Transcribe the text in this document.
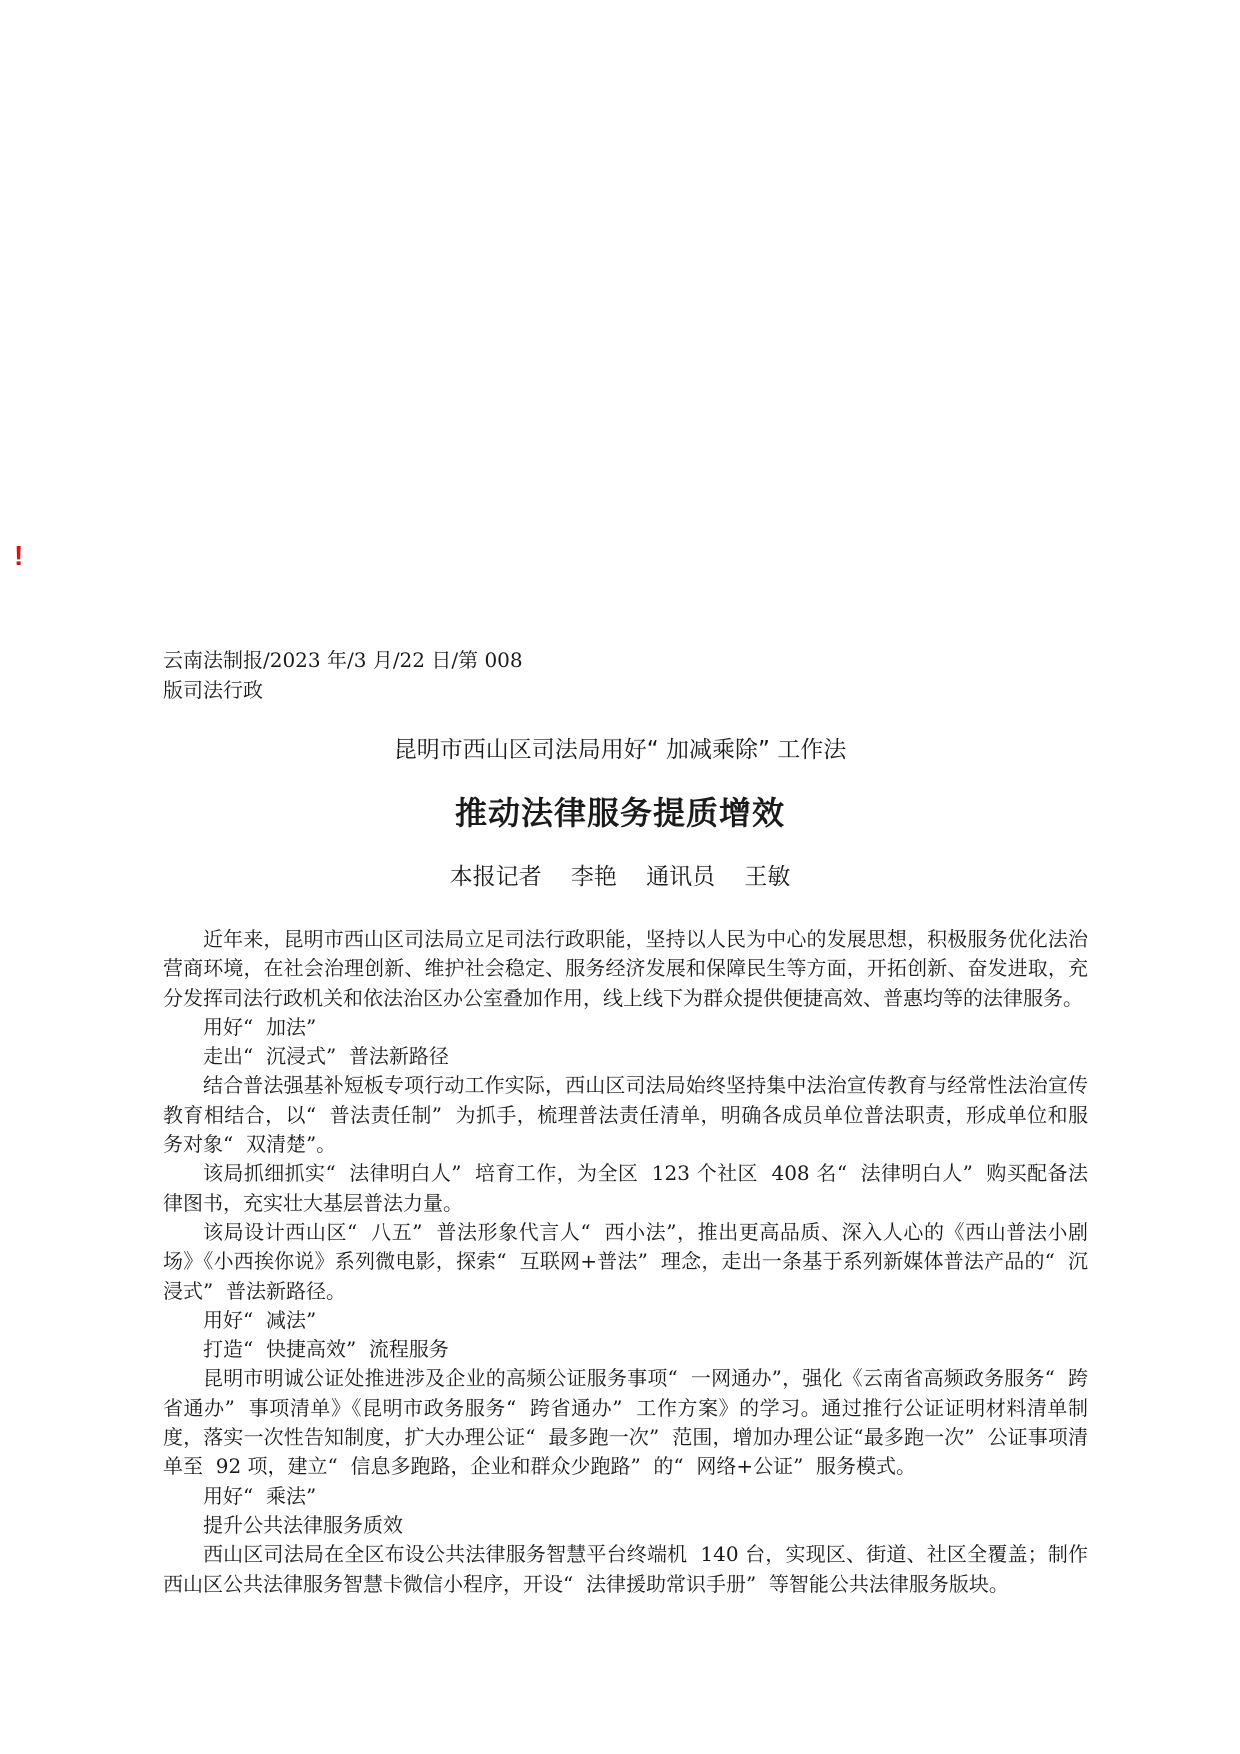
!
云南法制报/2023 年/3 月/22 日/第 008
版司法行政
昆明市西山区司法局用好“ 加减乘除” 工作法
推动法律服务提质增效
本报记者    李艳    通讯员    王敏

近年来，昆明市西山区司法局立足司法行政职能，坚持以人民为中心的发展思想，积极服务优化法治营商环境，在社会治理创新、维护社会稳定、服务经济发展和保障民生等方面，开拓创新、奋发进取，充分发挥司法行政机关和依法治区办公室叠加作用，线上线下为群众提供便捷高效、普惠均等的法律服务。

用好“  加法”

走出“  沉浸式”  普法新路径

结合普法强基补短板专项行动工作实际，西山区司法局始终坚持集中法治宣传教育与经常性法治宣传教育相结合，以“  普法责任制”  为抓手，梳理普法责任清单，明确各成员单位普法职责，形成单位和服务对象“  双清楚”。

该局抓细抓实“  法律明白人”  培育工作，为全区  123 个社区  408 名“  法律明白人”  购买配备法律图书，充实壮大基层普法力量。

该局设计西山区“  八五”  普法形象代言人“  西小法”，推出更高品质、深入人心的《西山普法小剧场》《小西挨你说》系列微电影，探索“  互联网+普法”  理念，走出一条基于系列新媒体普法产品的“  沉浸式”  普法新路径。

用好“  减法”

打造“  快捷高效”  流程服务

昆明市明诚公证处推进涉及企业的高频公证服务事项“  一网通办”，强化《云南省高频政务服务“  跨省通办”  事项清单》《昆明市政务服务“  跨省通办”  工作方案》的学习。通过推行公证证明材料清单制度，落实一次性告知制度，扩大办理公证“  最多跑一次”  范围，增加办理公证“最多跑一次”  公证事项清单至  92 项，建立“  信息多跑路，企业和群众少跑路”  的“  网络+公证”  服务模式。

用好“  乘法”

提升公共法律服务质效

西山区司法局在全区布设公共法律服务智慧平台终端机  140 台，实现区、街道、社区全覆盖；制作西山区公共法律服务智慧卡微信小程序，开设“  法律援助常识手册”  等智能公共法律服务版块。
